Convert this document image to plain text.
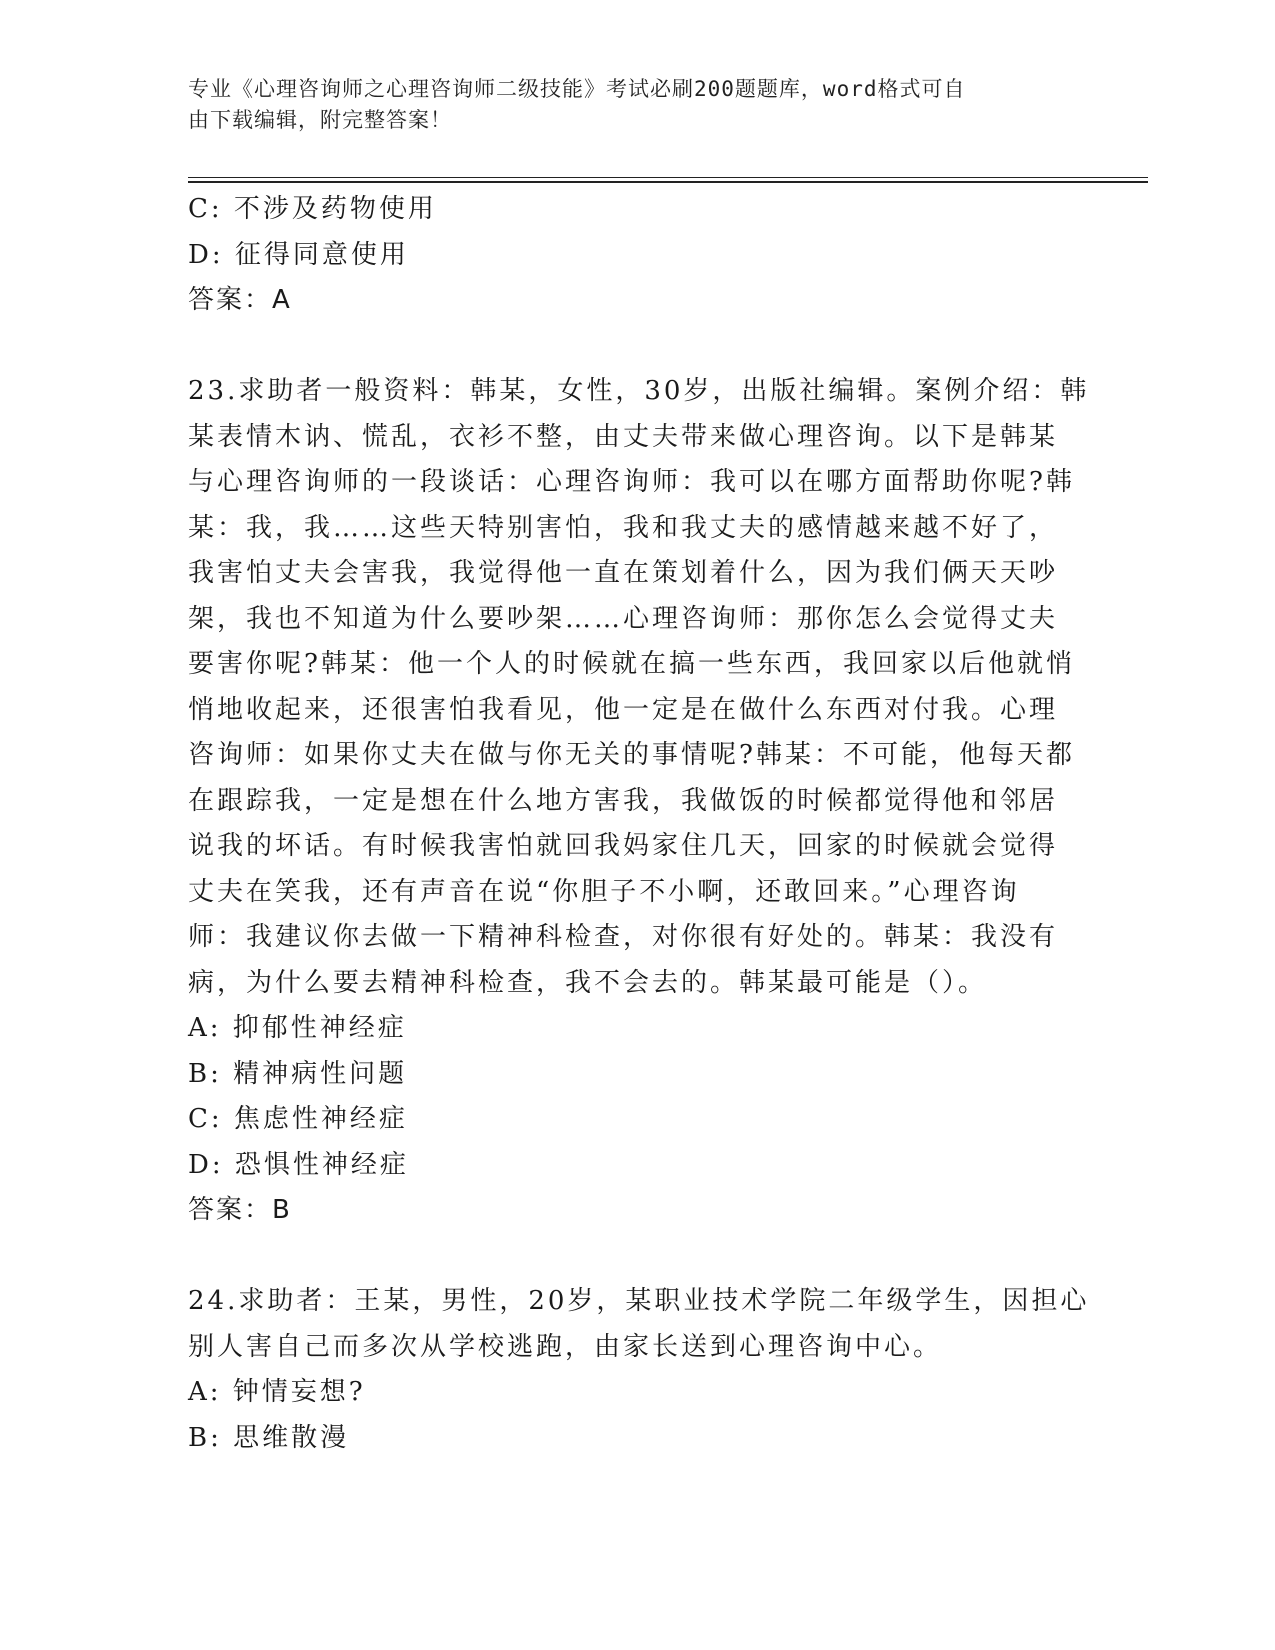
专业《心理咨询师之心理咨询师二级技能》考试必刷200题题库，word格式可自
由下载编辑，附完整答案！
C: 不涉及药物使用
D: 征得同意使用
答案：A
23.求助者一般资料：韩某，女性，30岁，出版社编辑。案例介绍：韩
某表情木讷、慌乱，衣衫不整，由丈夫带来做心理咨询。以下是韩某
与心理咨询师的一段谈话：心理咨询师：我可以在哪方面帮助你呢?韩
某：我，我……这些天特别害怕，我和我丈夫的感情越来越不好了，
我害怕丈夫会害我，我觉得他一直在策划着什么，因为我们俩天天吵
架，我也不知道为什么要吵架……心理咨询师：那你怎么会觉得丈夫
要害你呢?韩某：他一个人的时候就在搞一些东西，我回家以后他就悄
悄地收起来，还很害怕我看见，他一定是在做什么东西对付我。心理
咨询师：如果你丈夫在做与你无关的事情呢?韩某：不可能，他每天都
在跟踪我，一定是想在什么地方害我，我做饭的时候都觉得他和邻居
说我的坏话。有时候我害怕就回我妈家住几天，回家的时候就会觉得
丈夫在笑我，还有声音在说“你胆子不小啊，还敢回来。”心理咨询
师：我建议你去做一下精神科检查，对你很有好处的。韩某：我没有
病，为什么要去精神科检查，我不会去的。韩某最可能是（）。
A: 抑郁性神经症
B: 精神病性问题
C: 焦虑性神经症
D: 恐惧性神经症
答案：B
24.求助者：王某，男性，20岁，某职业技术学院二年级学生，因担心
别人害自己而多次从学校逃跑，由家长送到心理咨询中心。
A: 钟情妄想?
B: 思维散漫
